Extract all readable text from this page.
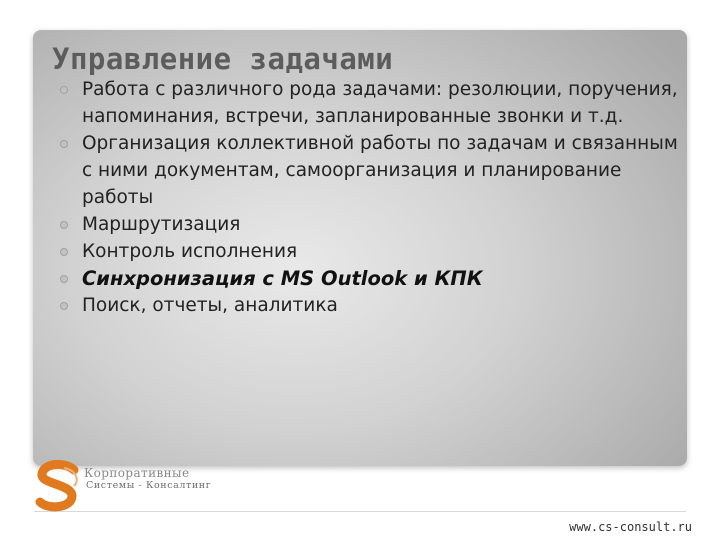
Управление задачами
Работа с различного рода задачами: резолюции, поручения, напоминания, встречи, запланированные звонки и т.д.
Организация коллективной работы по задачам и связанным с ними документам, самоорганизация и планирование работы
Маршрутизация
Контроль исполнения
Синхронизация с MS Outlook и КПК
Поиск, отчеты, аналитика
Корпоративные
Системы - Консалтинг
www.cs-consult.ru
